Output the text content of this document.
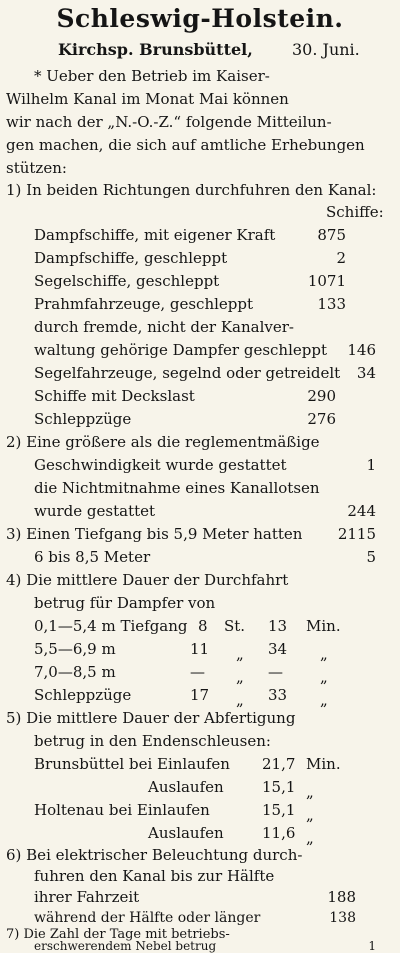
Schleswig-Holstein.
Kirchsp. Brunsbüttel, 30. Juni.
* Ueber den Betrieb im Kaiser-
Wilhelm Kanal im Monat Mai können
wir nach der „N.-O.-Z.“ folgende Mitteilun-
gen machen, die sich auf amtliche Erhebungen
stützen:
1) In beiden Richtungen durchfuhren den Kanal:
Schiffe:
Dampfschiffe, mit eigener Kraft	875
Dampfschiffe, geschleppt	2
Segelschiffe, geschleppt	1071
Prahmfahrzeuge, geschleppt	133
durch fremde, nicht der Kanalver-
waltung gehörige Dampfer geschleppt	146
Segelfahrzeuge, segelnd oder getreidelt	34
Schiffe mit Deckslast	290
Schleppzüge	276
2) Eine größere als die reglementmäßige
Geschwindigkeit wurde gestattet	1
die Nichtmitnahme eines Kanallotsen
wurde gestattet	244
3) Einen Tiefgang bis 5,9 Meter hatten	2115
6 bis 8,5 Meter	5
4) Die mittlere Dauer der Durchfahrt
betrug für Dampfer von
0,1—5,4 m Tiefgang 8 St. 13 Min.
5,5—6,9 m	11 „ 34 „
7,0—8,5 m	— „ — „
Schleppzüge	17 „ 33 „
5) Die mittlere Dauer der Abfertigung
betrug in den Endenschleusen:
Brunsbüttel bei Einlaufen 21,7 Min.
Auslaufen	15,1 „
Holtenau bei Einlaufen	15,1 „
Auslaufen	11,6 „
6) Bei elektrischer Beleuchtung durch-
fuhren den Kanal bis zur Hälfte
ihrer Fahrzeit	188
während der Hälfte oder länger	138
7) Die Zahl der Tage mit betriebs-
erschwerendem Nebel betrug	1
